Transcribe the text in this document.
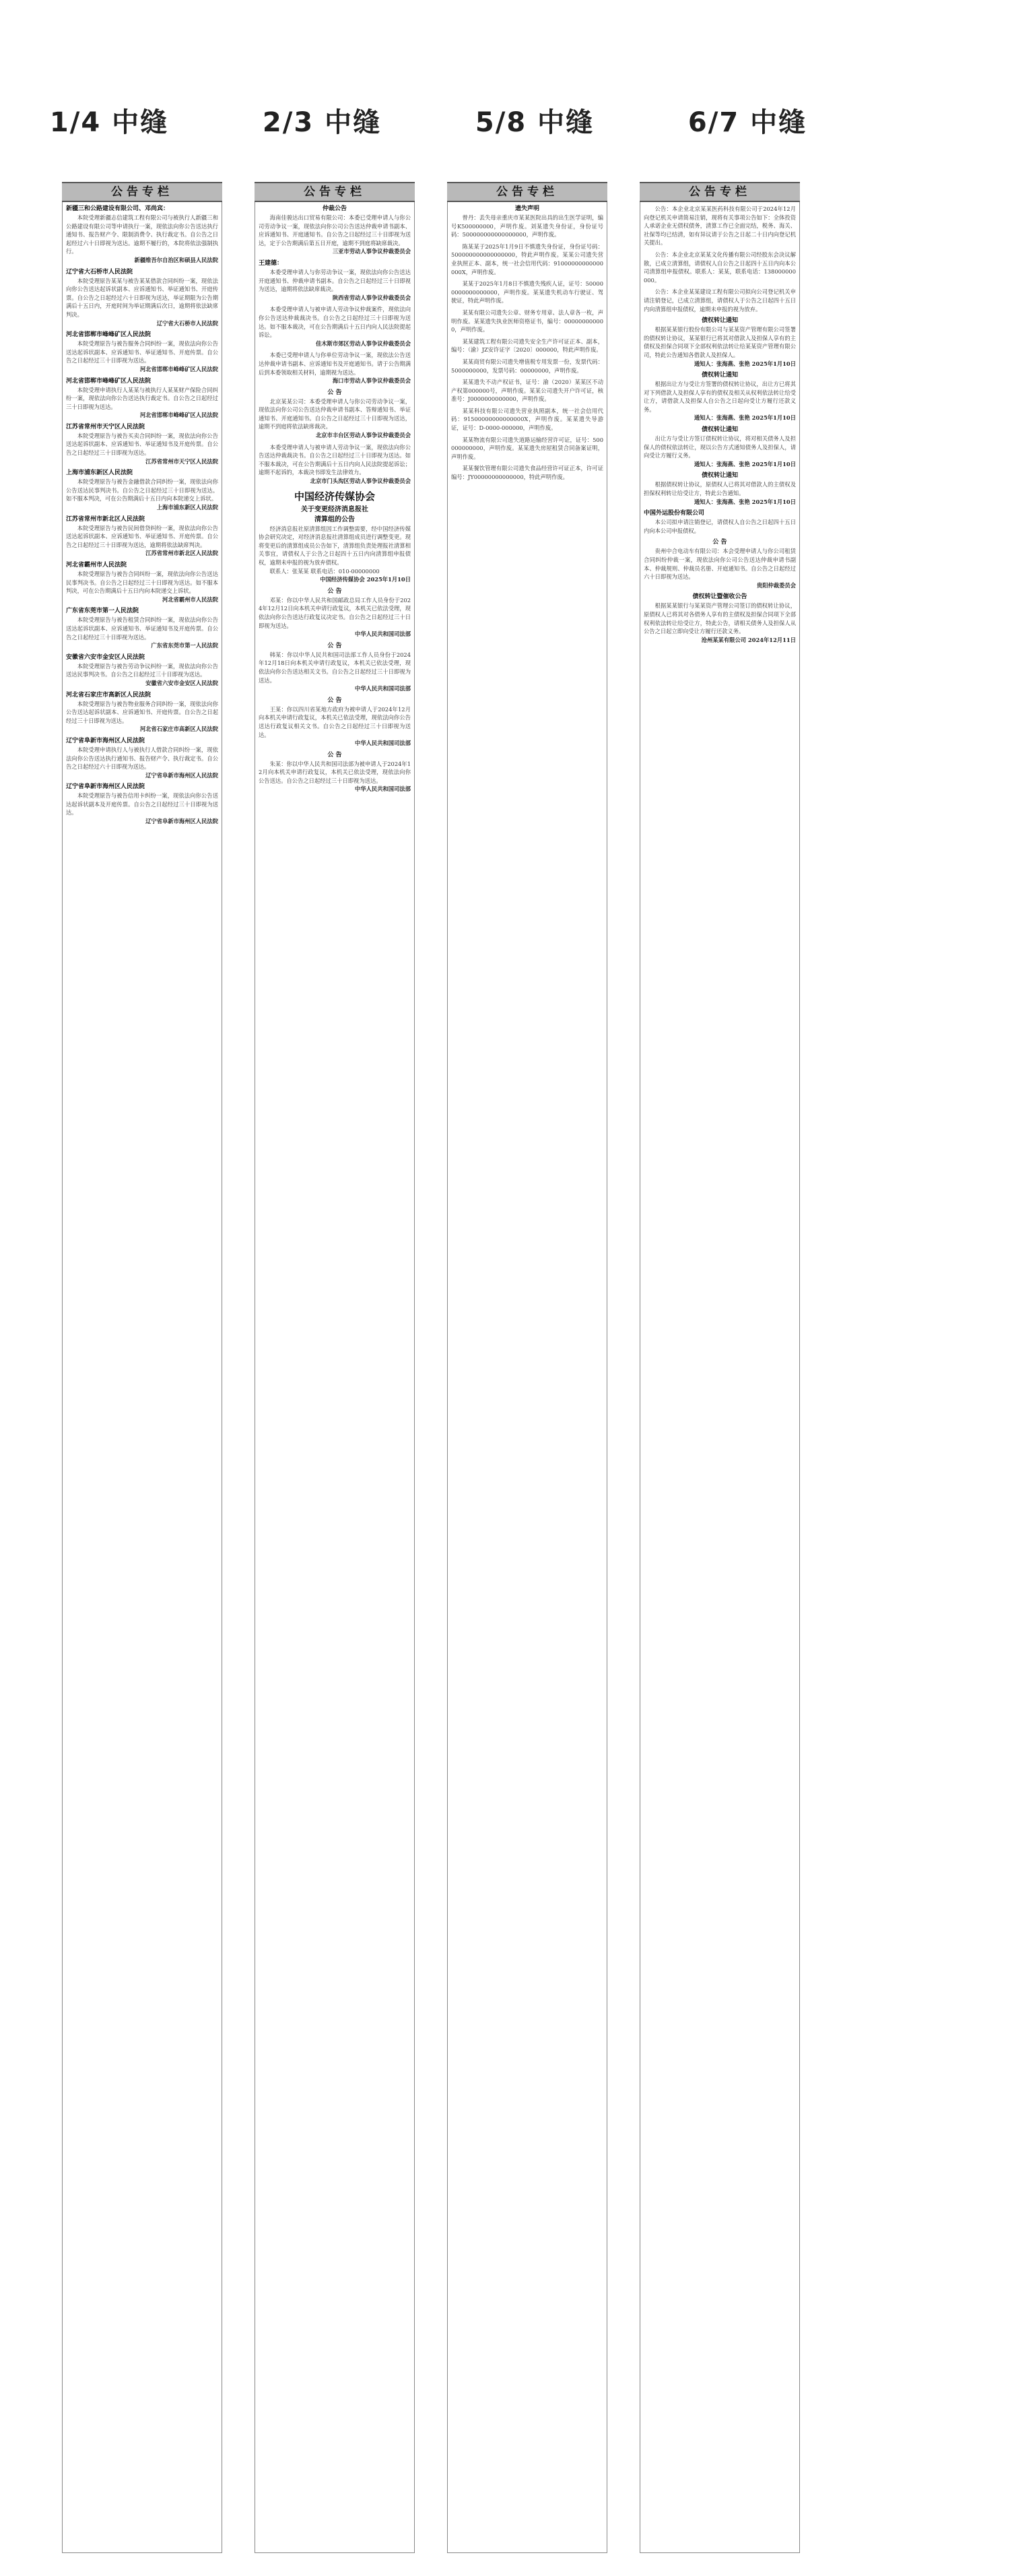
1/4 中缝	2/3 中缝	5/8 中缝	6/7 中缝
公告专栏
新疆三和公路建设有限公司、邓尚宾：
本院受理新疆志信建筑工程有限公司与被执行人新疆三和公路建设有限公司等申请执行一案，现依法向你公告送达执行通知书、报告财产令、限制消费令、执行裁定书。自公告之日起经过六十日即视为送达。逾期不履行的，本院将依法强制执行。
新疆维吾尔自治区和硕县人民法院
辽宁省大石桥市人民法院
本院受理原告某某与被告某某借款合同纠纷一案，现依法向你公告送达起诉状副本、应诉通知书、举证通知书、开庭传票。自公告之日起经过六十日即视为送达，举证期限为公告期满后十五日内，开庭时间为举证期满后次日，逾期将依法缺席判决。
辽宁省大石桥市人民法院
河北省邯郸市峰峰矿区人民法院
本院受理原告与被告服务合同纠纷一案，现依法向你公告送达起诉状副本、应诉通知书、举证通知书、开庭传票。自公告之日起经过三十日即视为送达。
河北省邯郸市峰峰矿区人民法院
河北省邯郸市峰峰矿区人民法院
本院受理申请执行人某某与被执行人某某财产保险合同纠纷一案，现依法向你公告送达执行裁定书。自公告之日起经过三十日即视为送达。
河北省邯郸市峰峰矿区人民法院
江苏省常州市天宁区人民法院
本院受理原告与被告买卖合同纠纷一案，现依法向你公告送达起诉状副本、应诉通知书、举证通知书及开庭传票。自公告之日起经过三十日即视为送达。
江苏省常州市天宁区人民法院
上海市浦东新区人民法院
本院受理原告与被告金融借款合同纠纷一案，现依法向你公告送达民事判决书。自公告之日起经过三十日即视为送达。如不服本判决，可在公告期满后十五日内向本院递交上诉状。
上海市浦东新区人民法院
江苏省常州市新北区人民法院
本院受理原告与被告民间借贷纠纷一案，现依法向你公告送达起诉状副本、应诉通知书、举证通知书、开庭传票。自公告之日起经过三十日即视为送达，逾期将依法缺席判决。
江苏省常州市新北区人民法院
河北省霸州市人民法院
本院受理原告与被告合同纠纷一案，现依法向你公告送达民事判决书。自公告之日起经过三十日即视为送达。如不服本判决，可在公告期满后十五日内向本院递交上诉状。
河北省霸州市人民法院
广东省东莞市第一人民法院
本院受理原告与被告租赁合同纠纷一案，现依法向你公告送达起诉状副本、应诉通知书、举证通知书及开庭传票。自公告之日起经过三十日即视为送达。
广东省东莞市第一人民法院
安徽省六安市金安区人民法院
本院受理原告与被告劳动争议纠纷一案，现依法向你公告送达民事判决书。自公告之日起经过三十日即视为送达。
安徽省六安市金安区人民法院
河北省石家庄市高新区人民法院
本院受理原告与被告物业服务合同纠纷一案，现依法向你公告送达起诉状副本、应诉通知书、开庭传票。自公告之日起经过三十日即视为送达。
河北省石家庄市高新区人民法院
辽宁省阜新市海州区人民法院
本院受理申请执行人与被执行人借款合同纠纷一案，现依法向你公告送达执行通知书、报告财产令、执行裁定书。自公告之日起经过六十日即视为送达。
辽宁省阜新市海州区人民法院
辽宁省阜新市海州区人民法院
本院受理原告与被告信用卡纠纷一案，现依法向你公告送达起诉状副本及开庭传票。自公告之日起经过三十日即视为送达。
辽宁省阜新市海州区人民法院
公告专栏
仲裁公告
海南佳骏达出口贸易有限公司：本委已受理申请人与你公司劳动争议一案，现依法向你公司公告送达仲裁申请书副本、应诉通知书、开庭通知书。自公告之日起经过三十日即视为送达，定于公告期满后第五日开庭，逾期不到庭将缺席裁决。
三亚市劳动人事争议仲裁委员会
王建德：
本委受理申请人与你劳动争议一案，现依法向你公告送达开庭通知书、仲裁申请书副本。自公告之日起经过三十日即视为送达，逾期将依法缺席裁决。
陕西省劳动人事争议仲裁委员会
本委受理申请人与被申请人劳动争议仲裁案件，现依法向你公告送达仲裁裁决书。自公告之日起经过三十日即视为送达。如不服本裁决，可在公告期满后十五日内向人民法院提起诉讼。
佳木斯市郊区劳动人事争议仲裁委员会
本委已受理申请人与你单位劳动争议一案，现依法公告送达仲裁申请书副本、应诉通知书及开庭通知书。请于公告期满后到本委领取相关材料，逾期视为送达。
海口市劳动人事争议仲裁委员会
公 告
北京某某公司：本委受理申请人与你公司劳动争议一案，现依法向你公司公告送达仲裁申请书副本、答辩通知书、举证通知书、开庭通知书。自公告之日起经过三十日即视为送达，逾期不到庭将依法缺席裁决。
北京市丰台区劳动人事争议仲裁委员会
本委受理申请人与被申请人劳动争议一案，现依法向你公告送达仲裁裁决书。自公告之日起经过三十日即视为送达。如不服本裁决，可在公告期满后十五日内向人民法院提起诉讼；逾期不起诉的，本裁决书即发生法律效力。
北京市门头沟区劳动人事争议仲裁委员会
中国经济传媒协会
关于变更经济消息报社
清算组的公告
经济消息报社原清算组因工作调整需要，经中国经济传媒协会研究决定，对经济消息报社清算组成员进行调整变更。现将变更后的清算组成员公告如下，清算组负责处理报社清算相关事宜，请债权人于公告之日起四十五日内向清算组申报债权，逾期未申报的视为放弃债权。
联系人：张某某 联系电话：010-00000000
中国经济传媒协会 2025年1月10日
公 告
邓某：你以中华人民共和国邮政总局工作人员身份于2024年12月12日向本机关申请行政复议，本机关已依法受理，现依法向你公告送达行政复议决定书。自公告之日起经过三十日即视为送达。
中华人民共和国司法部
公 告
韩某：你以中华人民共和国司法部工作人员身份于2024年12月18日向本机关申请行政复议，本机关已依法受理，现依法向你公告送达相关文书。自公告之日起经过三十日即视为送达。
中华人民共和国司法部
公 告
王某：你以四川省某地方政府为被申请人于2024年12月向本机关申请行政复议，本机关已依法受理，现依法向你公告送达行政复议相关文书。自公告之日起经过三十日即视为送达。
中华人民共和国司法部
公 告
朱某：你以中华人民共和国司法部为被申请人于2024年12月向本机关申请行政复议，本机关已依法受理，现依法向你公告送达。自公告之日起经过三十日即视为送达。
中华人民共和国司法部
公告专栏
遗失声明
曾丹：丢失母亲重庆市某某医院出具的出生医学证明，编号K500000000，声明作废。刘某遗失身份证，身份证号码：500000000000000000，声明作废。
陈某某于2025年1月9日不慎遗失身份证，身份证号码：500000000000000000，特此声明作废。某某公司遗失营业执照正本、副本，统一社会信用代码：91000000000000000X，声明作废。
某某于2025年1月8日不慎遗失残疾人证，证号：500000000000000000，声明作废。某某遗失机动车行驶证、驾驶证，特此声明作废。
某某有限公司遗失公章、财务专用章、法人章各一枚，声明作废。某某遗失执业医师资格证书，编号：000000000000，声明作废。
某某建筑工程有限公司遗失安全生产许可证正本、副本，编号：（渝）JZ安许证字〔2020〕000000，特此声明作废。
某某商贸有限公司遗失增值税专用发票一份，发票代码：5000000000，发票号码：00000000，声明作废。
某某遗失不动产权证书，证号：渝（2020）某某区不动产权第000000号，声明作废。某某公司遗失开户许可证，核准号：J0000000000000，声明作废。
某某科技有限公司遗失营业执照副本，统一社会信用代码：91500000000000000X，声明作废。某某遗失导游证，证号：D-0000-000000，声明作废。
某某物流有限公司遗失道路运输经营许可证，证号：500000000000，声明作废。某某遗失房屋租赁合同备案证明，声明作废。
某某餐饮管理有限公司遗失食品经营许可证正本，许可证编号：JY00000000000000，特此声明作废。
公告专栏
公告：本企业北京某某医药科技有限公司于2024年12月向登记机关申请简易注销，现将有关事项公告如下：全体投资人承诺企业无债权债务，清算工作已全面完结，税务、海关、社保等均已结清，如有异议请于公告之日起二十日内向登记机关提出。
公告：本企业北京某某文化传播有限公司经股东会决议解散，已成立清算组，请债权人自公告之日起四十五日内向本公司清算组申报债权。联系人：某某，联系电话：138000000000。
公告：本企业某某建设工程有限公司拟向公司登记机关申请注销登记，已成立清算组，请债权人于公告之日起四十五日内向清算组申报债权，逾期未申报的视为放弃。
债权转让通知
根据某某银行股份有限公司与某某资产管理有限公司签署的债权转让协议，某某银行已将其对借款人及担保人享有的主债权及担保合同项下全部权利依法转让给某某资产管理有限公司，特此公告通知各借款人及担保人。
通知人：张海燕、张艳 2025年1月10日
债权转让通知
根据出让方与受让方签署的债权转让协议，出让方已将其对下列借款人及担保人享有的债权及相关从权利依法转让给受让方，请借款人及担保人自公告之日起向受让方履行还款义务。
通知人：张海燕、张艳 2025年1月10日
债权转让通知
出让方与受让方签订债权转让协议，将对相关债务人及担保人的债权依法转让，现以公告方式通知债务人及担保人，请向受让方履行义务。
通知人：张海燕、张艳 2025年1月10日
债权转让通知
根据债权转让协议，原债权人已将其对借款人的主债权及担保权利转让给受让方，特此公告通知。
通知人：张海燕、张艳 2025年1月10日
中国外运股份有限公司
本公司拟申请注销登记，请债权人自公告之日起四十五日内向本公司申报债权。
公 告
贵州中合电动车有限公司：本会受理申请人与你公司租赁合同纠纷仲裁一案，现依法向你公司公告送达仲裁申请书副本、仲裁规则、仲裁员名册、开庭通知书。自公告之日起经过六十日即视为送达。
贵阳仲裁委员会
债权转让暨催收公告
根据某某银行与某某资产管理公司签订的债权转让协议，原债权人已将其对各债务人享有的主债权及担保合同项下全部权利依法转让给受让方，特此公告，请相关债务人及担保人从公告之日起立即向受让方履行还款义务。
沧州某某有限公司 2024年12月11日
